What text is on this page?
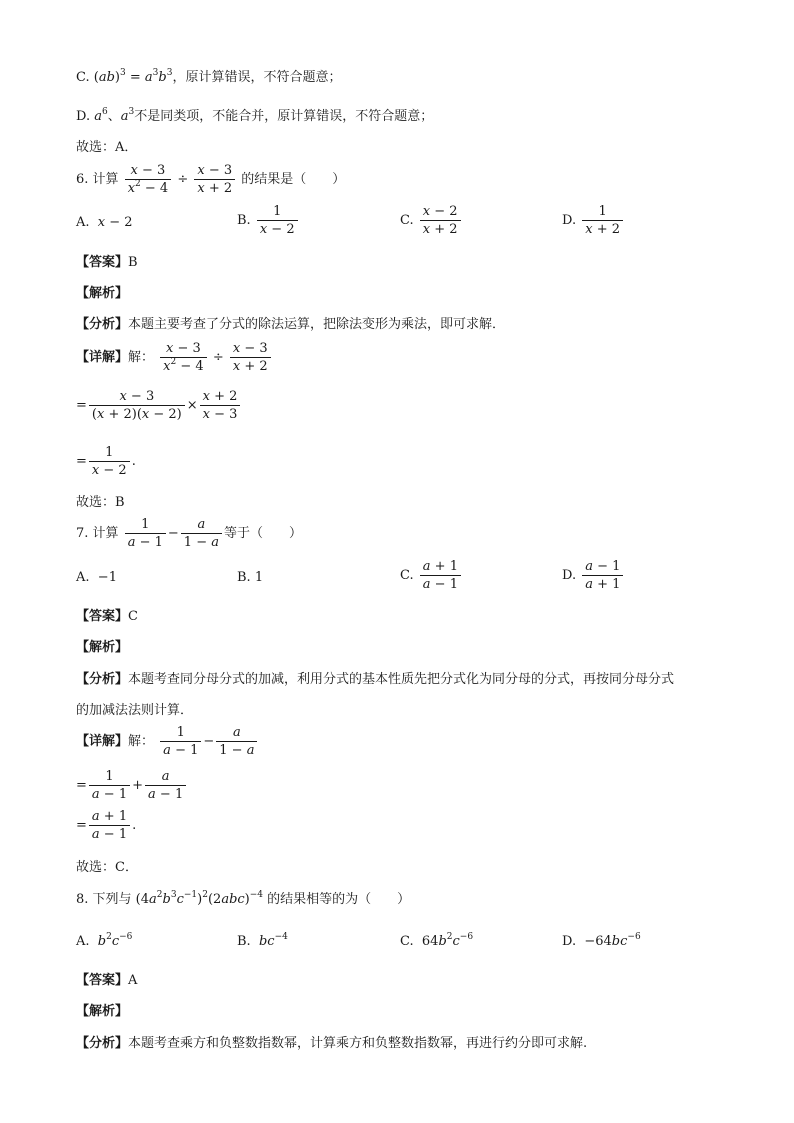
C. $(ab)^3 = a^3b^3$，原计算错误，不符合题意；
D. $a^6$、$a^3$不是同类项，不能合并，原计算错误，不符合题意；
故选：A．
6. 计算 $\frac{x - 3}{x^2 - 4} \div \frac{x - 3}{x + 2}$ 的结果是（　　）
A. x − 2	B. $\frac{1}{x - 2}$	C. $\frac{x - 2}{x + 2}$	D. $\frac{1}{x + 2}$
【答案】B
【解析】
【分析】本题主要考查了分式的除法运算，把除法变形为乘法，即可求解．
【详解】解： $\frac{x - 3}{x^2 - 4} \div \frac{x - 3}{x + 2}$
= $\frac{x - 3}{(x + 2)(x - 2)} \times \frac{x + 2}{x - 3}$
= $\frac{1}{x - 2}$ .
故选：B
7. 计算 $\frac{1}{a - 1} - \frac{a}{1 - a}$ 等于（　　）
A.  −1	B. 1	C. $\frac{a + 1}{a - 1}$	D. $\frac{a - 1}{a + 1}$
【答案】C
【解析】
【分析】本题考查同分母分式的加减，利用分式的基本性质先把分式化为同分母的分式，再按同分母分式
的加减法法则计算．
【详解】解： $\frac{1}{a - 1} - \frac{a}{1 - a}$
= $\frac{1}{a - 1} + \frac{a}{a - 1}$
= $\frac{a + 1}{a - 1}$ .
故选：C．
8. 下列与 $(4a^2b^3c^{-1})^2(2abc)^{-4}$ 的结果相等的为（　　）
A. $b^2c^{-6}$	B. $bc^{-4}$	C.  $64b^2c^{-6}$	D.  $-64bc^{-6}$
【答案】A
【解析】
【分析】本题考查乘方和负整数指数幂，计算乘方和负整数指数幂，再进行约分即可求解.
